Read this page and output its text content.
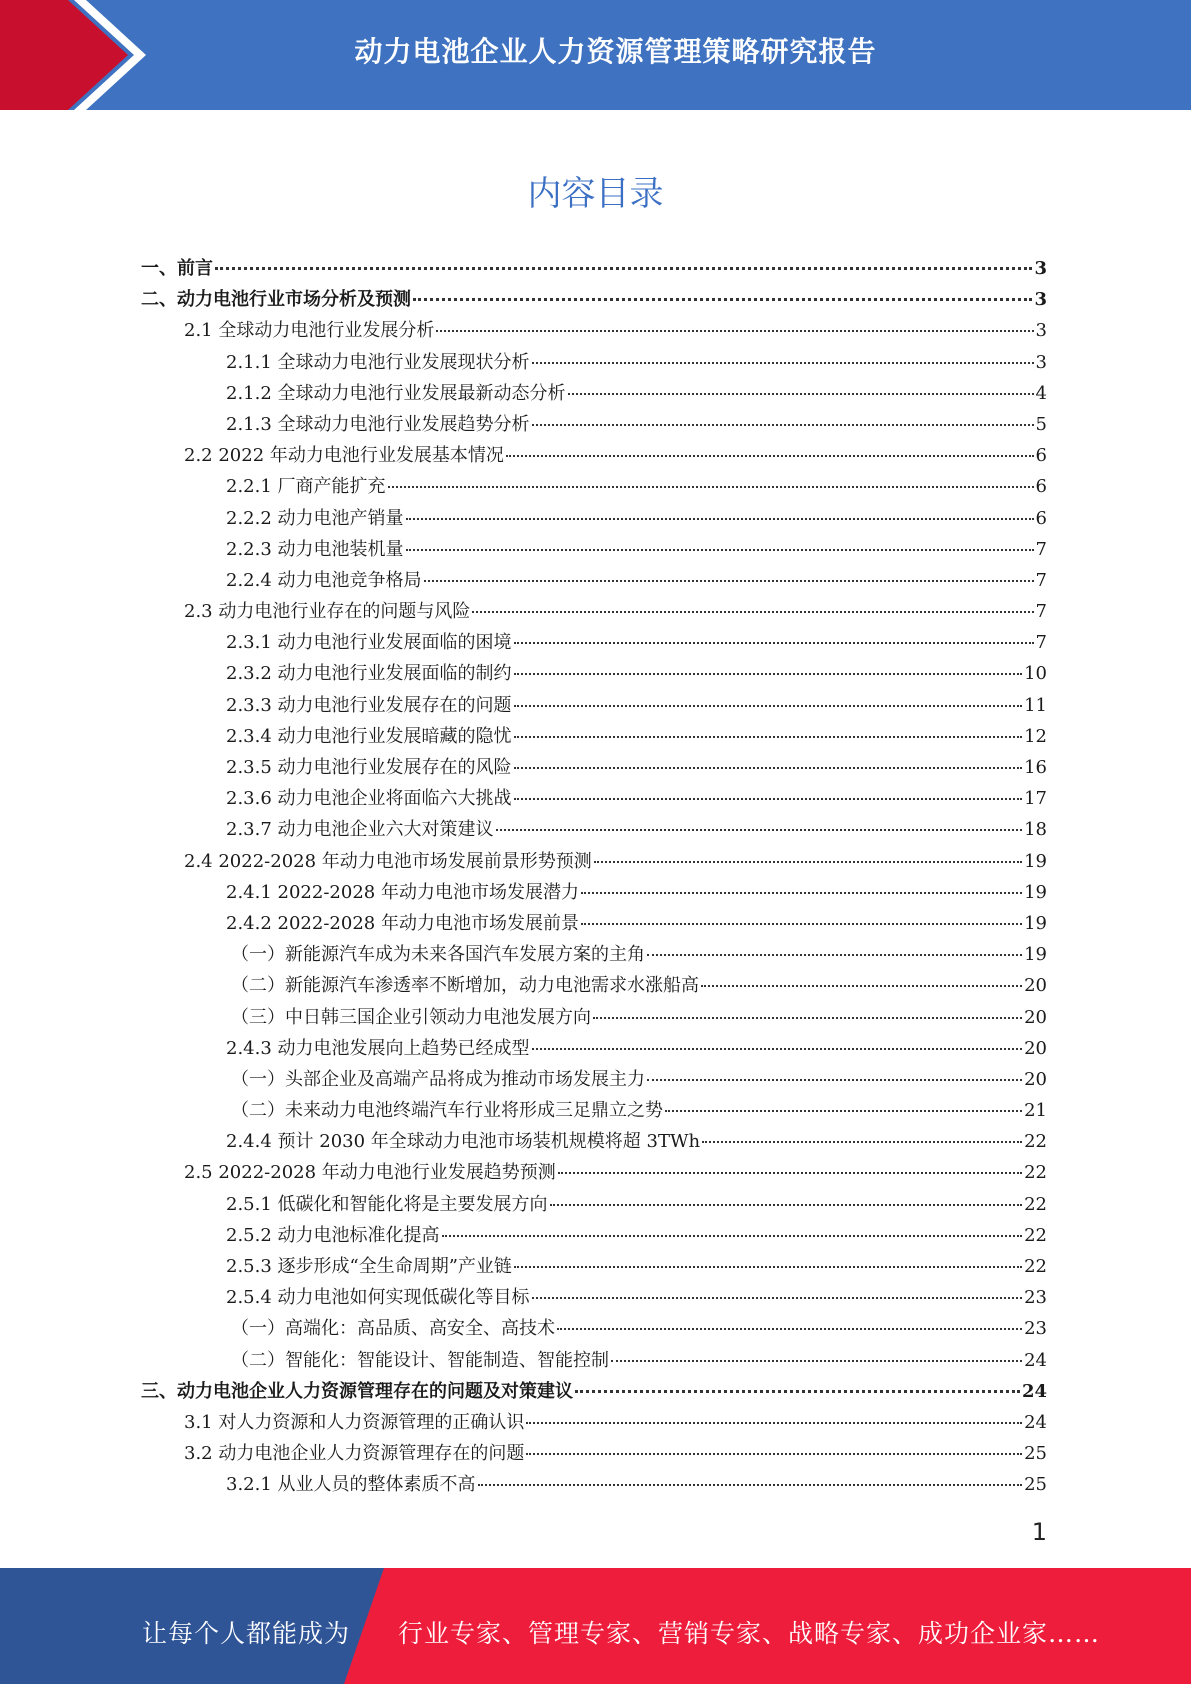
动力电池企业人力资源管理策略研究报告
内容目录
一、前言	3
二、动力电池行业市场分析及预测	3
2.1 全球动力电池行业发展分析	3
2.1.1 全球动力电池行业发展现状分析	3
2.1.2 全球动力电池行业发展最新动态分析	4
2.1.3 全球动力电池行业发展趋势分析	5
2.2 2022 年动力电池行业发展基本情况	6
2.2.1 厂商产能扩充	6
2.2.2 动力电池产销量	6
2.2.3 动力电池装机量	7
2.2.4 动力电池竞争格局	7
2.3 动力电池行业存在的问题与风险	7
2.3.1 动力电池行业发展面临的困境	7
2.3.2 动力电池行业发展面临的制约	10
2.3.3 动力电池行业发展存在的问题	11
2.3.4 动力电池行业发展暗藏的隐忧	12
2.3.5 动力电池行业发展存在的风险	16
2.3.6 动力电池企业将面临六大挑战	17
2.3.7 动力电池企业六大对策建议	18
2.4 2022-2028 年动力电池市场发展前景形势预测	19
2.4.1 2022-2028 年动力电池市场发展潜力	19
2.4.2 2022-2028 年动力电池市场发展前景	19
（一）新能源汽车成为未来各国汽车发展方案的主角	19
（二）新能源汽车渗透率不断增加，动力电池需求水涨船高	20
（三）中日韩三国企业引领动力电池发展方向	20
2.4.3 动力电池发展向上趋势已经成型	20
（一）头部企业及高端产品将成为推动市场发展主力	20
（二）未来动力电池终端汽车行业将形成三足鼎立之势	21
2.4.4 预计 2030 年全球动力电池市场装机规模将超 3TWh	22
2.5 2022-2028 年动力电池行业发展趋势预测	22
2.5.1 低碳化和智能化将是主要发展方向	22
2.5.2 动力电池标准化提高	22
2.5.3 逐步形成“全生命周期”产业链	22
2.5.4 动力电池如何实现低碳化等目标	23
（一）高端化：高品质、高安全、高技术	23
（二）智能化：智能设计、智能制造、智能控制	24
三、动力电池企业人力资源管理存在的问题及对策建议	24
3.1 对人力资源和人力资源管理的正确认识	24
3.2 动力电池企业人力资源管理存在的问题	25
3.2.1 从业人员的整体素质不高	25
1
让每个人都能成为 行业专家、管理专家、营销专家、战略专家、成功企业家……
